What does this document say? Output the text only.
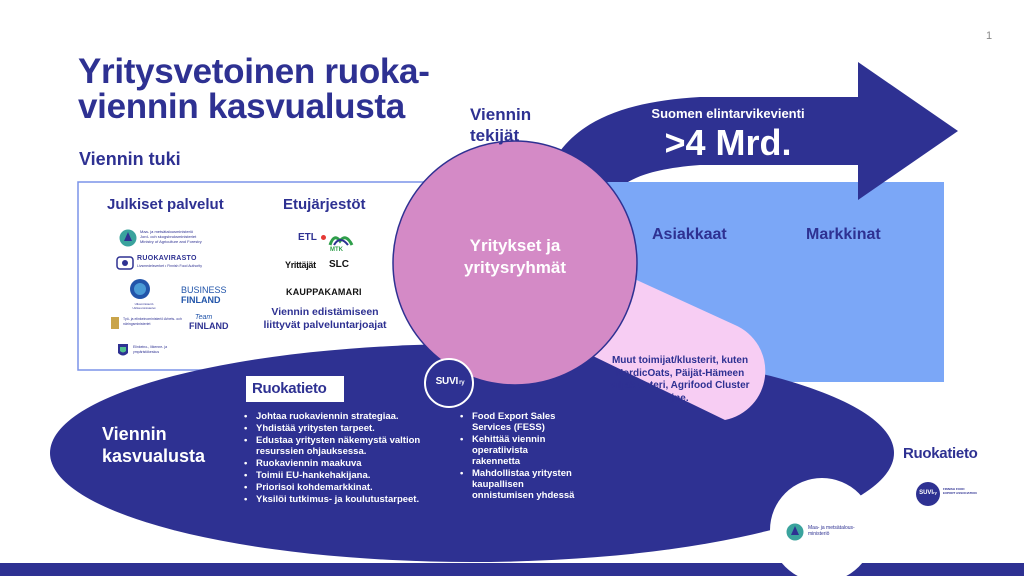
1
Yritysvetoinen ruoka-
viennin kasvualusta
Viennin tuki
Julkiset palvelut
Maa- ja metsätalousministeriö Jord- och skogsbruksministeriet Ministry of Agriculture and Forestry
RUOKAVIRASTO
Livsmedelsverket • Finnish Food Authority
Ulkoministeriö Utrikesministeriet
BUSINESS
FINLAND
Työ- ja elinkeinoministeriö Arbets- och näringsministeriet
Team
FINLAND
Elinkeino-, liikenne- ja ympäristökeskus
Etujärjestöt
ETL
MTK
Yrittäjät SLC
KAUPPAKAMARI
Viennin edistämiseen liittyvät palveluntarjoajat
Viennin
tekijät
Suomen elintarvikevienti
>4 Mrd.
Asiakkaat	Markkinat
Yritykset ja
yritysryhmät
Muut toimijat/klusterit, kuten NordicOats, Päijät-Hämeen viljaklusteri, Agrifood Cluster jne.
Viennin
kasvualusta
Ruokatieto
• Johtaa ruokaviennin strategiaa.
• Yhdistää yritysten tarpeet.
• Edustaa yritysten näkemystä valtion resurssien ohjauksessa.
• Ruokaviennin maakuva
• Toimii EU-hankehakijana.
• Priorisoi kohdemarkkinat.
• Yksilöi tutkimus- ja koulutustarpeet.
SUVIry
• Food Export Sales Services (FESS)
• Kehittää viennin operatiivista rakennetta
• Mahdollistaa yritysten kaupallisen onnistumisen yhdessä
Ruokatieto
SUVIry
FINNISH FOOD EXPORT ASSOCIATION
Maa- ja metsätalous-ministeriö
